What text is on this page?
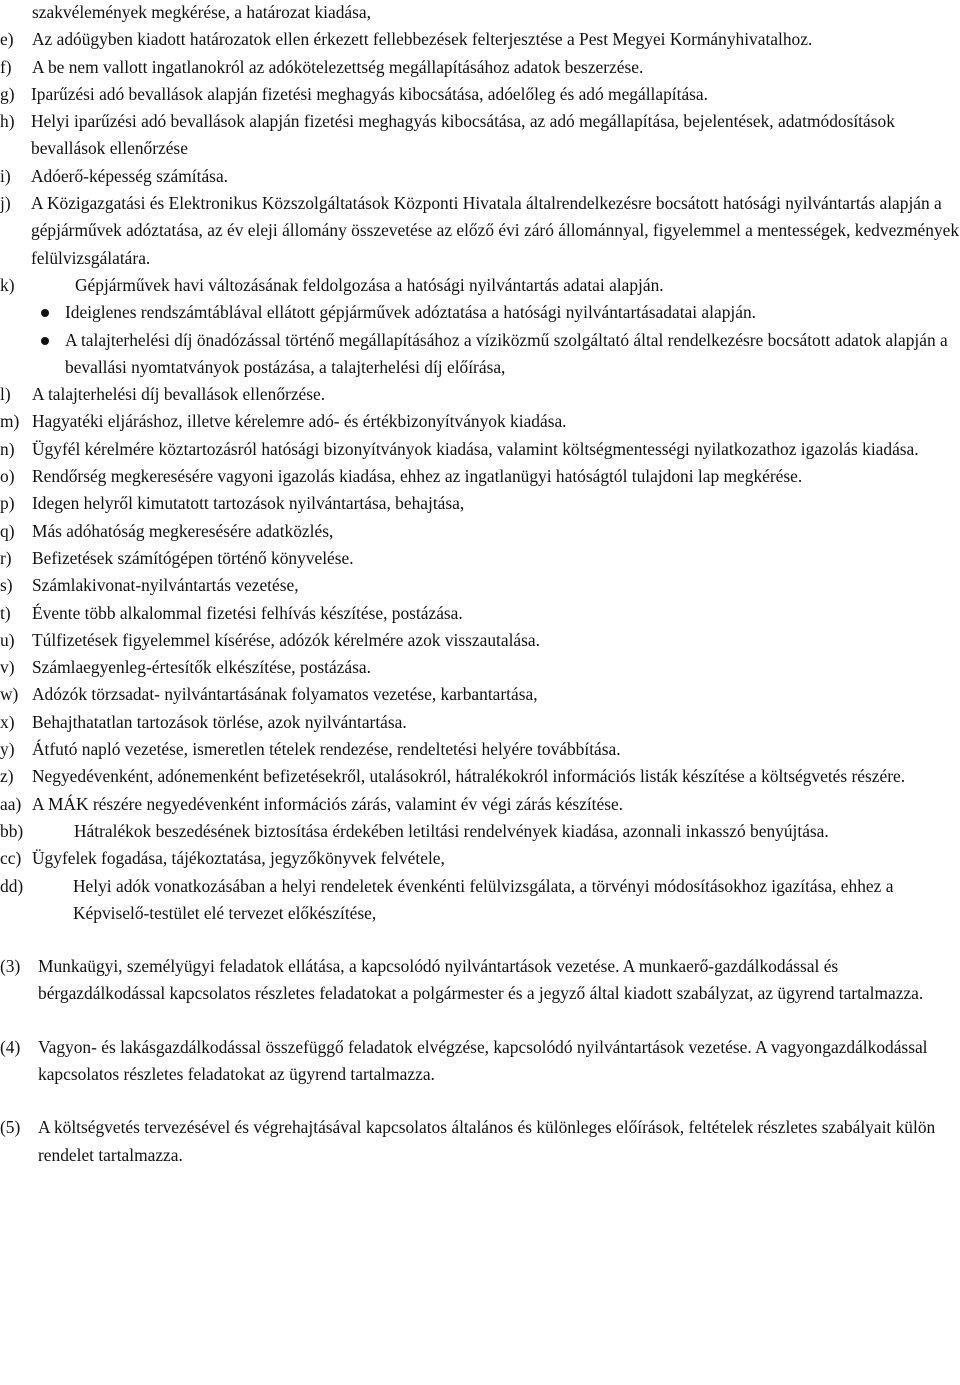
szakvélemények megkérése, a határozat kiadása,
e)	Az adóügyben kiadott határozatok ellen érkezett fellebbezések felterjesztése a Pest Megyei Kormányhivatalhoz.
f)	A be nem vallott ingatlanokról az adókötelezettség megállapításához adatok beszerzése.
g) Iparűzési adó bevallások alapján fizetési meghagyás kibocsátása, adóelőleg és adó megállapítása.
h) Helyi iparűzési adó bevallások alapján fizetési meghagyás kibocsátása, az adó megállapítása, bejelentések, adatmódosítások bevallások ellenőrzése
i)	Adóerő-képesség számítása.
j)	A Közigazgatási és Elektronikus Közszolgáltatások Központi Hivatala általrendelkezésre bocsátott hatósági nyilvántartás alapján a gépjárművek adóztatása, az év eleji állomány összevetése az előző évi záró állománnyal, figyelemmel a mentességek, kedvezmények felülvizsgálatára.
k)	Gépjárművek havi változásának feldolgozása a hatósági nyilvántartás adatai alapján.
Ideiglenes rendszámtáblával ellátott gépjárművek adóztatása a hatósági nyilvántartásadatai alapján.
A talajterhelési díj önadózással történő megállapításához a víziközmű szolgáltató által rendelkezésre bocsátott adatok alapján a bevallási nyomtatványok postázása, a talajterhelési díj előírása,
l)	A talajterhelési díj bevallások ellenőrzése.
m) Hagyatéki eljáráshoz, illetve kérelemre adó- és értékbizonyítványok kiadása.
n)	Ügyfél kérelmére köztartozásról hatósági bizonyítványok kiadása, valamint költségmentességi nyilatkozathoz igazolás kiadása.
o)	Rendőrség megkeresésére vagyoni igazolás kiadása, ehhez az ingatlanügyi hatóságtól tulajdoni lap megkérése.
p)	Idegen helyről kimutatott tartozások nyilvántartása, behajtása,
q)	Más adóhatóság megkeresésére adatközlés,
r)	Befizetések számítógépen történő könyvelése.
s)	Számlakivonat-nyilvántartás vezetése,
t)	Évente több alkalommal fizetési felhívás készítése, postázása.
u)	Túlfizetések figyelemmel kísérése, adózók kérelmére azok visszautalása.
v)	Számlaegyenleg-értesítők elkészítése, postázása.
w) Adózók törzsadat- nyilvántartásának folyamatos vezetése, karbantartása,
x)	Behajthatatlan tartozások törlése, azok nyilvántartása.
y)	Átfutó napló vezetése, ismeretlen tételek rendezése, rendeltetési helyére továbbítása.
z)	Negyedévenként, adónemenként befizetésekről, utalásokról, hátralékokról információs listák készítése a költségvetés részére.
aa) A MÁK részére negyedévenként információs zárás, valamint év végi zárás készítése.
bb)	Hátralékok beszedésének biztosítása érdekében letiltási rendelvények kiadása, azonnali inkasszó benyújtása.
cc) Ügyfelek fogadása, tájékoztatása, jegyzőkönyvek felvétele,
dd)	Helyi adók vonatkozásában a helyi rendeletek évenkénti felülvizsgálata, a törvényi módosításokhoz igazítása, ehhez a Képviselő-testület elé tervezet előkészítése,
(3)	Munkaügyi, személyügyi feladatok ellátása, a kapcsolódó nyilvántartások vezetése. A munkaerő-gazdálkodással és bérgazdálkodással kapcsolatos részletes feladatokat a polgármester és a jegyző által kiadott szabályzat, az ügyrend tartalmazza.
(4)	Vagyon- és lakásgazdálkodással összefüggő feladatok elvégzése, kapcsolódó nyilvántartások vezetése. A vagyongazdálkodással kapcsolatos részletes feladatokat az ügyrend tartalmazza.
(5)	A költségvetés tervezésével és végrehajtásával kapcsolatos általános és különleges előírások, feltételek részletes szabályait külön rendelet tartalmazza.
